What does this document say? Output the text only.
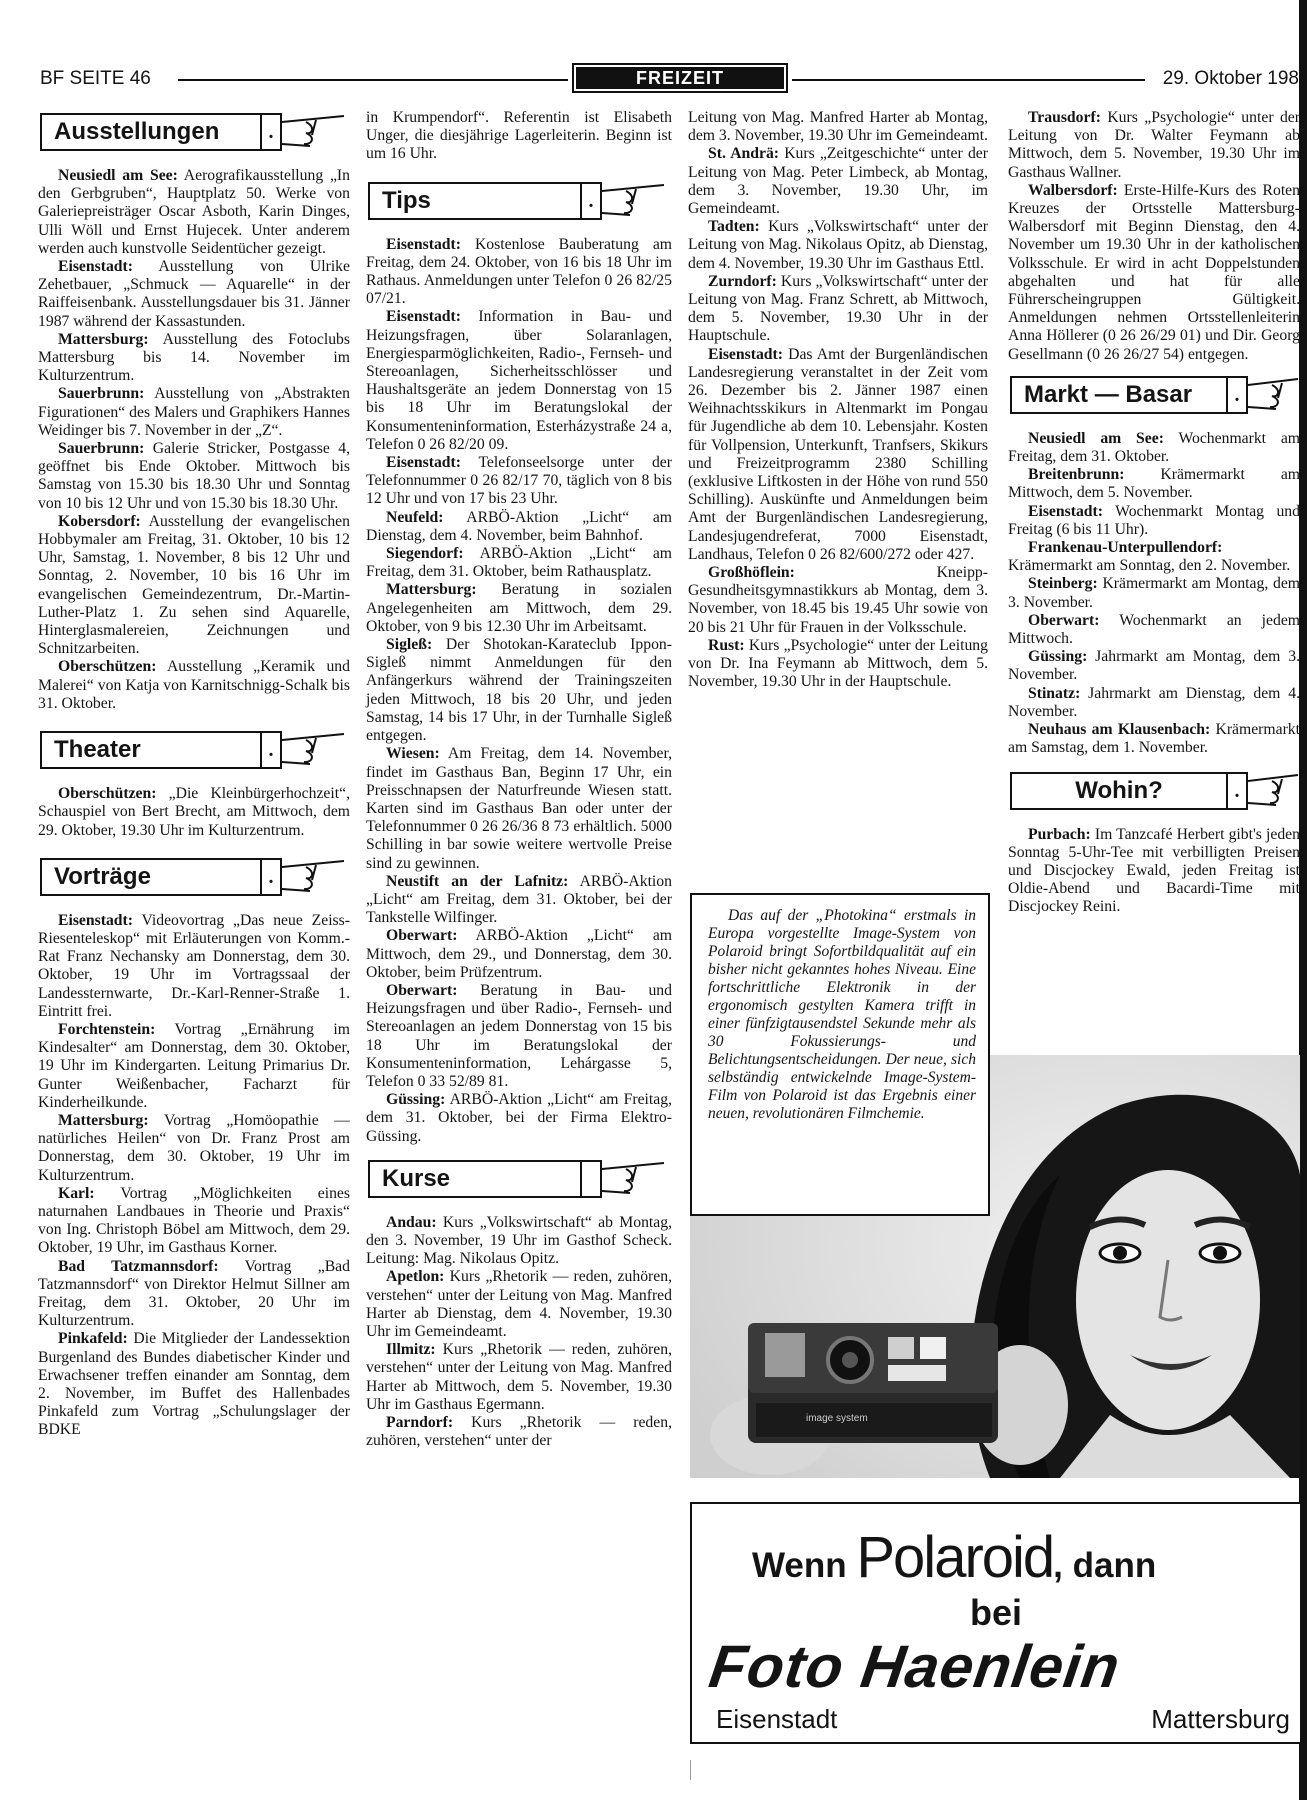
BF SEITE 46	FREIZEIT	29. Oktober 198
Ausstellungen	.

Neusiedl am See: Aerografikausstellung „In den Gerbgruben“, Hauptplatz 50. Werke von Galeriepreisträger Oscar Asboth, Karin Dinges, Ulli Wöll und Ernst Hujecek. Unter anderem werden auch kunstvolle Seidentücher gezeigt.

Eisenstadt: Ausstellung von Ulrike Zehetbauer, „Schmuck — Aquarelle“ in der Raiffeisenbank. Ausstellungsdauer bis 31. Jänner 1987 während der Kassastunden.

Mattersburg: Ausstellung des Fotoclubs Mattersburg bis 14. November im Kulturzentrum.

Sauerbrunn: Ausstellung von „Abstrakten Figurationen“ des Malers und Graphikers Hannes Weidinger bis 7. November in der „Z“.

Sauerbrunn: Galerie Stricker, Postgasse 4, geöffnet bis Ende Oktober. Mittwoch bis Samstag von 15.30 bis 18.30 Uhr und Sonntag von 10 bis 12 Uhr und von 15.30 bis 18.30 Uhr.

Kobersdorf: Ausstellung der evangelischen Hobbymaler am Freitag, 31. Oktober, 10 bis 12 Uhr, Samstag, 1. November, 8 bis 12 Uhr und Sonntag, 2. November, 10 bis 16 Uhr im evangelischen Gemeindezentrum, Dr.-Martin-Luther-Platz 1. Zu sehen sind Aquarelle, Hinterglasmalereien, Zeichnungen und Schnitzarbeiten.

Oberschützen: Ausstellung „Keramik und Malerei“ von Katja von Karnitschnigg-Schalk bis 31. Oktober.

Theater	.

Oberschützen: „Die Kleinbürgerhochzeit“, Schauspiel von Bert Brecht, am Mittwoch, dem 29. Oktober, 19.30 Uhr im Kulturzentrum.

Vorträge	.

Eisenstadt: Videovortrag „Das neue Zeiss-Riesenteleskop“ mit Erläuterungen von Komm.-Rat Franz Nechansky am Donnerstag, dem 30. Oktober, 19 Uhr im Vortragssaal der Landessternwarte, Dr.-Karl-Renner-Straße 1. Eintritt frei.

Forchtenstein: Vortrag „Ernährung im Kindesalter“ am Donnerstag, dem 30. Oktober, 19 Uhr im Kindergarten. Leitung Primarius Dr. Gunter Weißenbacher, Facharzt für Kinderheilkunde.

Mattersburg: Vortrag „Homöopathie — natürliches Heilen“ von Dr. Franz Prost am Donnerstag, dem 30. Oktober, 19 Uhr im Kulturzentrum.

Karl: Vortrag „Möglichkeiten eines naturnahen Landbaues in Theorie und Praxis“ von Ing. Christoph Böbel am Mittwoch, dem 29. Oktober, 19 Uhr, im Gasthaus Korner.

Bad Tatzmannsdorf: Vortrag „Bad Tatzmannsdorf“ von Direktor Helmut Sillner am Freitag, dem 31. Oktober, 20 Uhr im Kulturzentrum.

Pinkafeld: Die Mitglieder der Landessektion Burgenland des Bundes diabetischer Kinder und Erwachsener treffen einander am Sonntag, dem 2. November, im Buffet des Hallenbades Pinkafeld zum Vortrag „Schulungslager der BDKE

in Krumpendorf“. Referentin ist Elisabeth Unger, die diesjährige Lagerleiterin. Beginn ist um 16 Uhr.

Tips	.

Eisenstadt: Kostenlose Bauberatung am Freitag, dem 24. Oktober, von 16 bis 18 Uhr im Rathaus. Anmeldungen unter Telefon 0 26 82/25 07/21.

Eisenstadt: Information in Bau- und Heizungsfragen, über Solaranlagen, Energiesparmöglichkeiten, Radio-, Fernseh- und Stereoanlagen, Sicherheitsschlösser und Haushaltsgeräte an jedem Donnerstag von 15 bis 18 Uhr im Beratungslokal der Konsumenteninformation, Esterházystraße 24 a, Telefon 0 26 82/20 09.

Eisenstadt: Telefonseelsorge unter der Telefonnummer 0 26 82/17 70, täglich von 8 bis 12 Uhr und von 17 bis 23 Uhr.

Neufeld: ARBÖ-Aktion „Licht“ am Dienstag, dem 4. November, beim Bahnhof.

Siegendorf: ARBÖ-Aktion „Licht“ am Freitag, dem 31. Oktober, beim Rathausplatz.

Mattersburg: Beratung in sozialen Angelegenheiten am Mittwoch, dem 29. Oktober, von 9 bis 12.30 Uhr im Arbeitsamt.

Sigleß: Der Shotokan-Karateclub Ippon-Sigleß nimmt Anmeldungen für den Anfängerkurs während der Trainingszeiten jeden Mittwoch, 18 bis 20 Uhr, und jeden Samstag, 14 bis 17 Uhr, in der Turnhalle Sigleß entgegen.

Wiesen: Am Freitag, dem 14. November, findet im Gasthaus Ban, Beginn 17 Uhr, ein Preisschnapsen der Naturfreunde Wiesen statt. Karten sind im Gasthaus Ban oder unter der Telefonnummer 0 26 26/36 8 73 erhältlich. 5000 Schilling in bar sowie weitere wertvolle Preise sind zu gewinnen.

Neustift an der Lafnitz: ARBÖ-Aktion „Licht“ am Freitag, dem 31. Oktober, bei der Tankstelle Wilfinger.

Oberwart: ARBÖ-Aktion „Licht“ am Mittwoch, dem 29., und Donnerstag, dem 30. Oktober, beim Prüfzentrum.

Oberwart: Beratung in Bau- und Heizungsfragen und über Radio-, Fernseh- und Stereoanlagen an jedem Donnerstag von 15 bis 18 Uhr im Beratungslokal der Konsumenteninformation, Lehárgasse 5, Telefon 0 33 52/89 81.

Güssing: ARBÖ-Aktion „Licht“ am Freitag, dem 31. Oktober, bei der Firma Elektro-Güssing.

Kurse

Andau: Kurs „Volkswirtschaft“ ab Montag, den 3. November, 19 Uhr im Gasthof Scheck. Leitung: Mag. Nikolaus Opitz.

Apetlon: Kurs „Rhetorik — reden, zuhören, verstehen“ unter der Leitung von Mag. Manfred Harter ab Dienstag, dem 4. November, 19.30 Uhr im Gemeindeamt.

Illmitz: Kurs „Rhetorik — reden, zuhören, verstehen“ unter der Leitung von Mag. Manfred Harter ab Mittwoch, dem 5. November, 19.30 Uhr im Gasthaus Egermann.

Parndorf: Kurs „Rhetorik — reden, zuhören, verstehen“ unter der

Leitung von Mag. Manfred Harter ab Montag, dem 3. November, 19.30 Uhr im Gemeindeamt.

St. Andrä: Kurs „Zeitgeschichte“ unter der Leitung von Mag. Peter Limbeck, ab Montag, dem 3. November, 19.30 Uhr, im Gemeindeamt.

Tadten: Kurs „Volkswirtschaft“ unter der Leitung von Mag. Nikolaus Opitz, ab Dienstag, dem 4. November, 19.30 Uhr im Gasthaus Ettl.

Zurndorf: Kurs „Volkswirtschaft“ unter der Leitung von Mag. Franz Schrett, ab Mittwoch, dem 5. November, 19.30 Uhr in der Hauptschule.

Eisenstadt: Das Amt der Burgenländischen Landesregierung veranstaltet in der Zeit vom 26. Dezember bis 2. Jänner 1987 einen Weihnachtsskikurs in Altenmarkt im Pongau für Jugendliche ab dem 10. Lebensjahr. Kosten für Vollpension, Unterkunft, Tranfsers, Skikurs und Freizeitprogramm 2380 Schilling (exklusive Liftkosten in der Höhe von rund 550 Schilling). Auskünfte und Anmeldungen beim Amt der Burgenländischen Landesregierung, Landesjugendreferat, 7000 Eisenstadt, Landhaus, Telefon 0 26 82/600/272 oder 427.

Großhöflein: Kneipp-Gesundheitsgymnastikkurs ab Montag, dem 3. November, von 18.45 bis 19.45 Uhr sowie von 20 bis 21 Uhr für Frauen in der Volksschule.

Rust: Kurs „Psychologie“ unter der Leitung von Dr. Ina Feymann ab Mittwoch, dem 5. November, 19.30 Uhr in der Hauptschule.

Trausdorf: Kurs „Psychologie“ unter der Leitung von Dr. Walter Feymann ab Mittwoch, dem 5. November, 19.30 Uhr im Gasthaus Wallner.

Walbersdorf: Erste-Hilfe-Kurs des Roten Kreuzes der Ortsstelle Mattersburg-Walbersdorf mit Beginn Dienstag, den 4. November um 19.30 Uhr in der katholischen Volksschule. Er wird in acht Doppelstunden abgehalten und hat für alle Führerscheingruppen Gültigkeit. Anmeldungen nehmen Ortsstellenleiterin Anna Höllerer (0 26 26/29 01) und Dir. Georg Gesellmann (0 26 26/27 54) entgegen.

Markt — Basar	.

Neusiedl am See: Wochenmarkt am Freitag, dem 31. Oktober.

Breitenbrunn: Krämermarkt am Mittwoch, dem 5. November.

Eisenstadt: Wochenmarkt Montag und Freitag (6 bis 11 Uhr).

Frankenau-Unterpullendorf: Krämermarkt am Sonntag, den 2. November.

Steinberg: Krämermarkt am Montag, dem 3. November.

Oberwart: Wochenmarkt an jedem Mittwoch.

Güssing: Jahrmarkt am Montag, dem 3. November.

Stinatz: Jahrmarkt am Dienstag, dem 4. November.

Neuhaus am Klausenbach: Krämermarkt am Samstag, dem 1. November.

Wohin?	.

Purbach: Im Tanzcafé Herbert gibt's jeden Sonntag 5-Uhr-Tee mit verbilligten Preisen und Discjockey Ewald, jeden Freitag ist Oldie-Abend und Bacardi-Time mit Discjockey Reini.

image system

Das auf der „Photokina“ erstmals in Europa vorgestellte Image-System von Polaroid bringt Sofortbildqualität auf ein bisher nicht gekanntes hohes Niveau. Eine fortschrittliche Elektronik in der ergonomisch gestylten Kamera trifft in einer fünfzigtausendstel Sekunde mehr als 30 Fokussierungs- und Belichtungsentscheidungen. Der neue, sich selbständig entwickelnde Image-System-Film von Polaroid ist das Ergebnis einer neuen, revolutionären Filmchemie.

Wenn Polaroid, dann
bei
Foto Haenlein
Eisenstadt	Mattersburg
